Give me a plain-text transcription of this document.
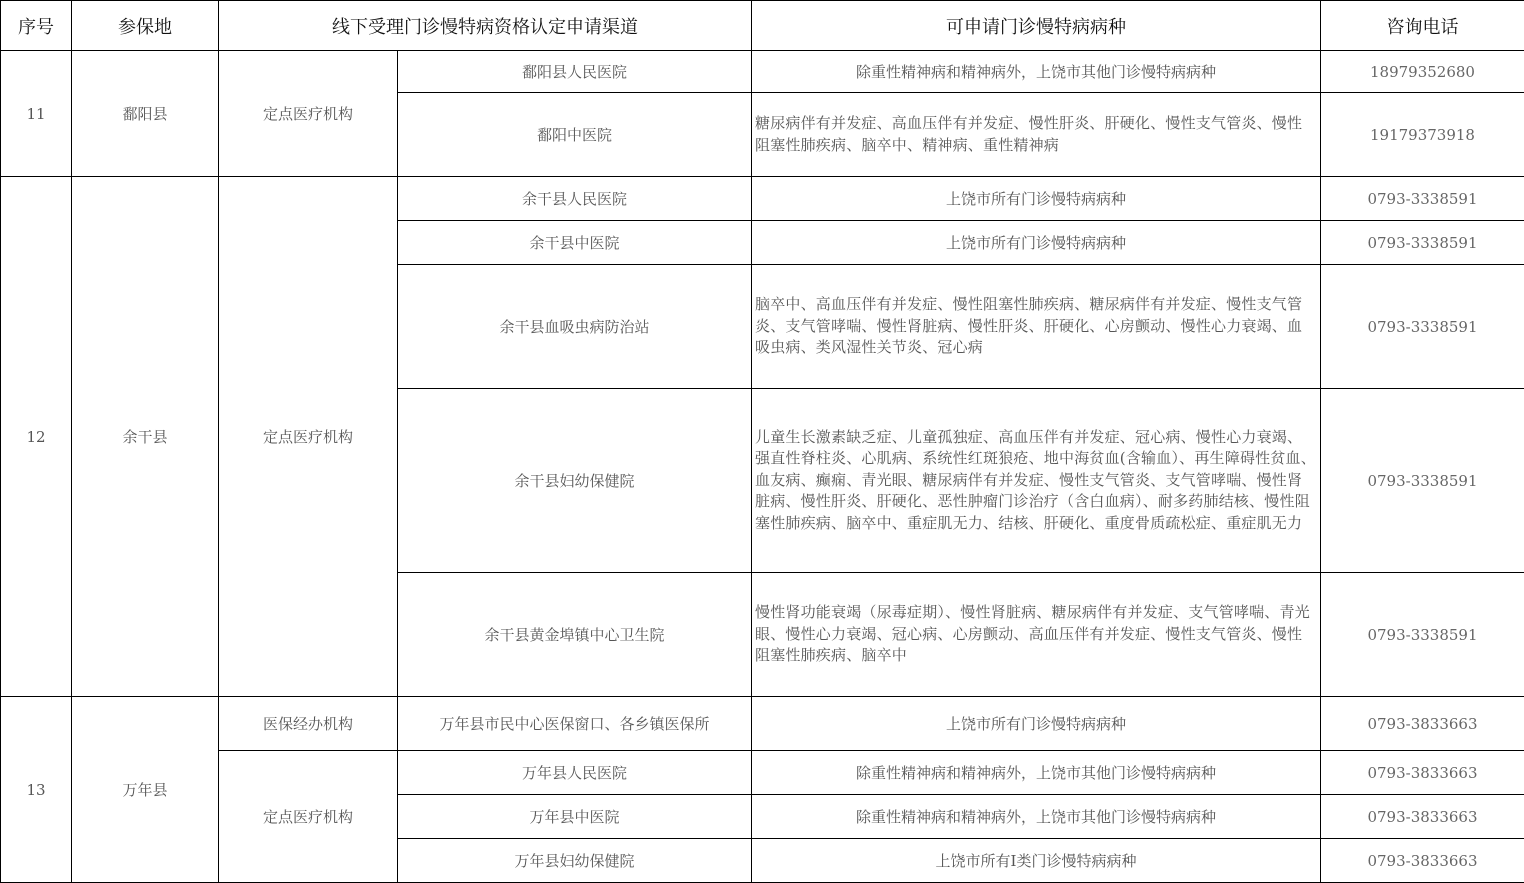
序号	参保地	线下受理门诊慢特病资格认定申请渠道		可申请门诊慢特病病种	咨询电话
11	鄱阳县	定点医疗机构	鄱阳县人民医院	除重性精神病和精神病外，上饶市其他门诊慢特病病种	18979352680
			鄱阳中医院	糖尿病伴有并发症、高血压伴有并发症、慢性肝炎、肝硬化、慢性支气管炎、慢性阻塞性肺疾病、脑卒中、精神病、重性精神病	19179373918
12	余干县	定点医疗机构	余干县人民医院	上饶市所有门诊慢特病病种	0793-3338591
			余干县中医院	上饶市所有门诊慢特病病种	0793-3338591
			余干县血吸虫病防治站	脑卒中、高血压伴有并发症、慢性阻塞性肺疾病、糖尿病伴有并发症、慢性支气管炎、支气管哮喘、慢性肾脏病、慢性肝炎、肝硬化、心房颤动、慢性心力衰竭、血吸虫病、类风湿性关节炎、冠心病	0793-3338591
			余干县妇幼保健院	儿童生长激素缺乏症、儿童孤独症、高血压伴有并发症、冠心病、慢性心力衰竭、强直性脊柱炎、心肌病、系统性红斑狼疮、地中海贫血(含输血）、再生障碍性贫血、血友病、癫痫、青光眼、糖尿病伴有并发症、慢性支气管炎、支气管哮喘、慢性肾脏病、慢性肝炎、肝硬化、恶性肿瘤门诊治疗（含白血病）、耐多药肺结核、慢性阻塞性肺疾病、脑卒中、重症肌无力、结核、肝硬化、重度骨质疏松症、重症肌无力	0793-3338591
			余干县黄金埠镇中心卫生院	慢性肾功能衰竭（尿毒症期）、慢性肾脏病、糖尿病伴有并发症、支气管哮喘、青光眼、慢性心力衰竭、冠心病、心房颤动、高血压伴有并发症、慢性支气管炎、慢性阻塞性肺疾病、脑卒中	0793-3338591
13	万年县	医保经办机构	万年县市民中心医保窗口、各乡镇医保所	上饶市所有门诊慢特病病种	0793-3833663
		定点医疗机构	万年县人民医院	除重性精神病和精神病外，上饶市其他门诊慢特病病种	0793-3833663
			万年县中医院	除重性精神病和精神病外，上饶市其他门诊慢特病病种	0793-3833663
			万年县妇幼保健院	上饶市所有Ⅰ类门诊慢特病病种	0793-3833663
